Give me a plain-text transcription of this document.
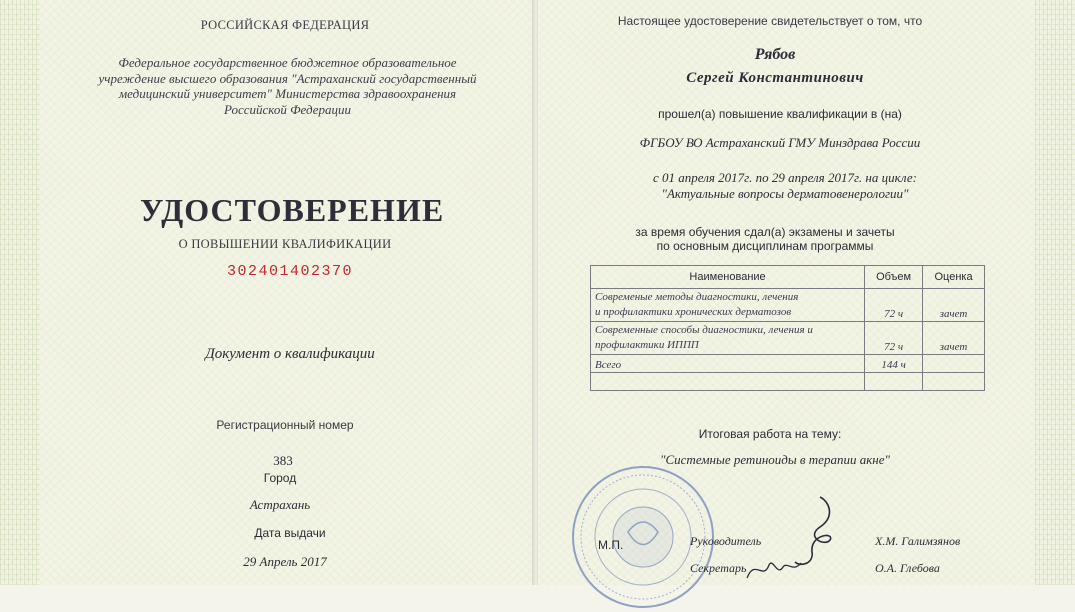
РОССИЙСКАЯ ФЕДЕРАЦИЯ
Федеральное государственное бюджетное образовательное учреждение высшего образования "Астраханский государственный медицинский университет" Министерства здравоохранения Российской Федерации
УДОСТОВЕРЕНИЕ
О ПОВЫШЕНИИ КВАЛИФИКАЦИИ
302401402370
Документ о квалификации
Регистрационный номер
383
Город
Астрахань
Дата выдачи
29 Апрель 2017
Настоящее удостоверение свидетельствует о том, что
Рябов
Сергей Константинович
прошел(а) повышение квалификации в (на)
ФГБОУ ВО Астраханский ГМУ Минздрава России
с 01 апреля 2017г. по 29 апреля 2017г. на цикле:
"Актуальные вопросы дерматовенерологии"
за время обучения сдал(а) экзамены и зачеты
по основным дисциплинам программы
Наименование	Объем	Оценка

Современые методы диагностики, лечения
и профилактики хронических дерматозов	72 ч	зачет

Современные способы диагностики, лечения и
профилактики ИППП	72 ч	зачет
Всего	144 ч	

Итоговая работа на тему:
"Системные ретиноиды в терапии акне"
М.П.	Руководитель	Х.М. Галимзянов
Секретарь	О.А. Глебова
